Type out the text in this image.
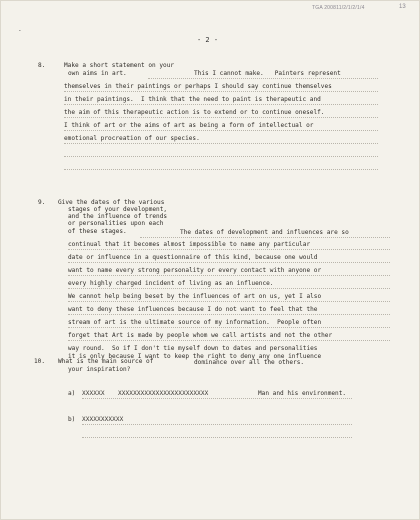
TGA 200811/2/1/2/1/4	13
-
- 2 -
8.	Make a short statement on your
own aims in art.	This I cannot make.   Painters represent
themselves in their paintings or perhaps I should say continue themselves
in their paintings.  I think that the need to paint is therapeutic and
the aim of this therapeutic action is to extend or to continue oneself.
I think of art or the aims of art as being a form of intellectual or
emotional procreation of our species.
9. Give the dates of the various
stages of your development,
and the influence of trends
or personalities upon each
of these stages.	The dates of development and influences are so
continual that it becomes almost impossible to name any particular
date or influence in a questionnaire of this kind, because one would
want to name every strong personality or every contact with anyone or
every highly charged incident of living as an influence.
We cannot help being beset by the influences of art on us, yet I also
want to deny these influences because I do not want to feel that the
stream of art is the ultimate source of my information.  People often
forget that Art is made by people whom we call artists and not the other
way round.  So if I don't tie myself down to dates and personalities
it is only because I want to keep the right to deny any one influence
dominance over all the others.
10. What is the main source of
your inspiration?
a) XXXXXX XXXXXXXXXXXXXXXXXXXXXXXX	Man and his environment.
b) XXXXXXXXXXX
